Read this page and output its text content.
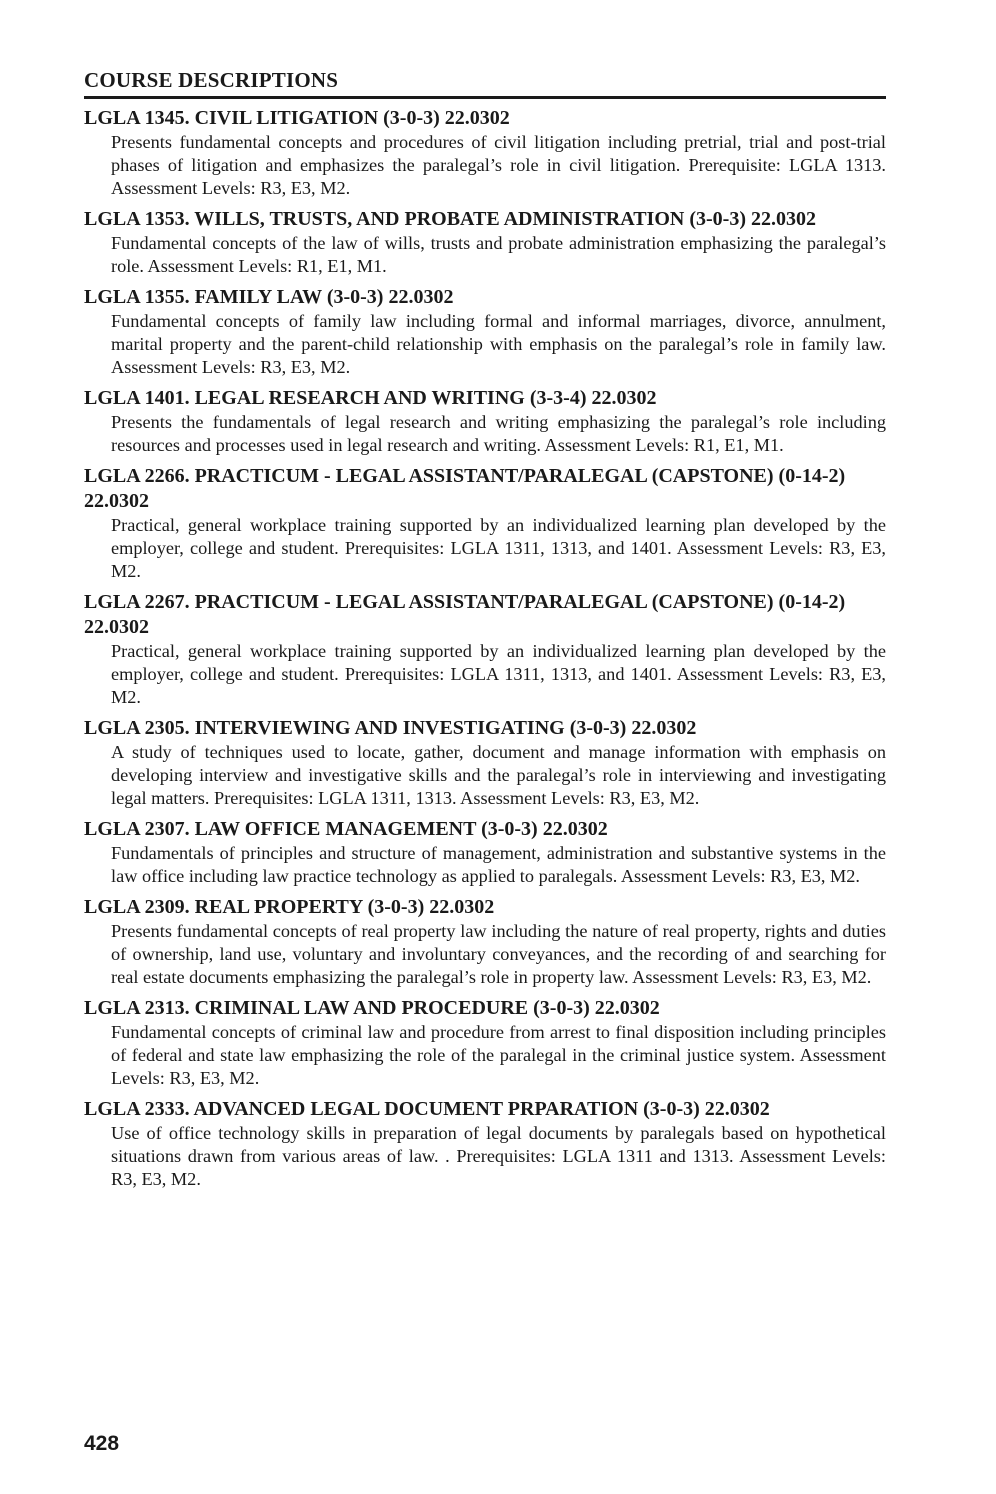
COURSE DESCRIPTIONS
LGLA 1345. CIVIL LITIGATION (3-0-3) 22.0302
Presents fundamental concepts and procedures of civil litigation including pretrial, trial and post-trial phases of litigation and emphasizes the paralegal’s role in civil litigation. Prerequisite: LGLA 1313. Assessment Levels: R3, E3, M2.
LGLA 1353. WILLS, TRUSTS, AND PROBATE ADMINISTRATION (3-0-3) 22.0302
Fundamental concepts of the law of wills, trusts and probate administration emphasizing the paralegal’s role. Assessment Levels: R1, E1, M1.
LGLA 1355. FAMILY LAW (3-0-3) 22.0302
Fundamental concepts of family law including formal and informal marriages, divorce, annulment, marital property and the parent-child relationship with emphasis on the paralegal’s role in family law. Assessment Levels: R3, E3, M2.
LGLA 1401. LEGAL RESEARCH AND WRITING (3-3-4) 22.0302
Presents the fundamentals of legal research and writing emphasizing the paralegal’s role including resources and processes used in legal research and writing. Assessment Levels: R1, E1, M1.
LGLA 2266. PRACTICUM - LEGAL ASSISTANT/PARALEGAL (CAPSTONE) (0-14-2) 22.0302
Practical, general workplace training supported by an individualized learning plan developed by the employer, college and student. Prerequisites: LGLA 1311, 1313, and 1401. Assessment Levels: R3, E3, M2.
LGLA 2267. PRACTICUM - LEGAL ASSISTANT/PARALEGAL (CAPSTONE) (0-14-2) 22.0302
Practical, general workplace training supported by an individualized learning plan developed by the employer, college and student. Prerequisites: LGLA 1311, 1313, and 1401. Assessment Levels: R3, E3, M2.
LGLA 2305. INTERVIEWING AND INVESTIGATING (3-0-3) 22.0302
A study of techniques used to locate, gather, document and manage information with emphasis on developing interview and investigative skills and the paralegal’s role in interviewing and investigating legal matters. Prerequisites: LGLA 1311, 1313. Assessment Levels: R3, E3, M2.
LGLA 2307. LAW OFFICE MANAGEMENT (3-0-3) 22.0302
Fundamentals of principles and structure of management, administration and substantive systems in the law office including law practice technology as applied to paralegals. Assessment Levels: R3, E3, M2.
LGLA 2309. REAL PROPERTY (3-0-3) 22.0302
Presents fundamental concepts of real property law including the nature of real property, rights and duties of ownership, land use, voluntary and involuntary conveyances, and the recording of and searching for real estate documents emphasizing the paralegal’s role in property law. Assessment Levels: R3, E3, M2.
LGLA 2313. CRIMINAL LAW AND PROCEDURE (3-0-3) 22.0302
Fundamental concepts of criminal law and procedure from arrest to final disposition including principles of federal and state law emphasizing the role of the paralegal in the criminal justice system. Assessment Levels: R3, E3, M2.
LGLA 2333. ADVANCED LEGAL DOCUMENT PRPARATION (3-0-3) 22.0302
Use of office technology skills in preparation of legal documents by paralegals based on hypothetical situations drawn from various areas of law. . Prerequisites: LGLA 1311 and 1313. Assessment Levels: R3, E3, M2.
428
